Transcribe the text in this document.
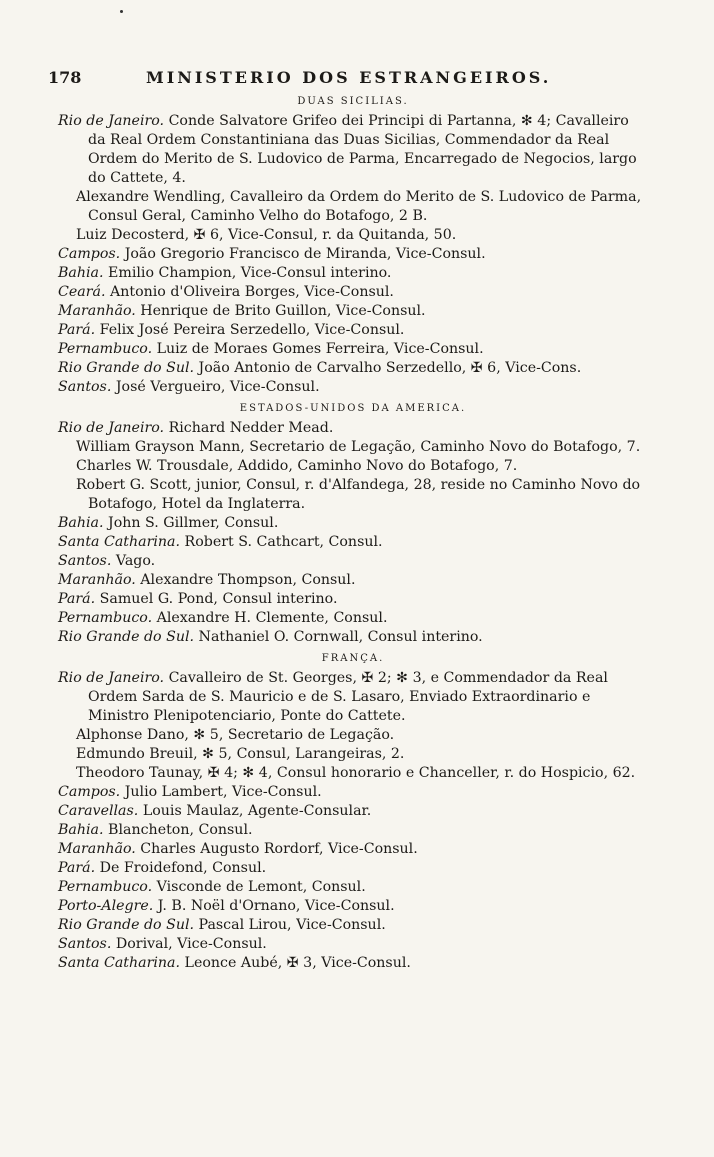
178	MINISTERIO DOS ESTRANGEIROS.
DUAS SICILIAS.

Rio de Janeiro. Conde Salvatore Grifeo dei Principi di Partanna, ✻ 4; Cavalleiro da Real Ordem Constantiniana das Duas Sicilias, Commendador da Real Ordem do Merito de S. Ludovico de Parma, Encarregado de Negocios, largo do Cattete, 4.

Alexandre Wendling, Cavalleiro da Ordem do Merito de S. Ludovico de Parma, Consul Geral, Caminho Velho do Botafogo, 2 B.

Luiz Decosterd, ✠ 6, Vice-Consul, r. da Quitanda, 50.

Campos. João Gregorio Francisco de Miranda, Vice-Consul.

Bahia. Emilio Champion, Vice-Consul interino.

Ceará. Antonio d'Oliveira Borges, Vice-Consul.

Maranhão. Henrique de Brito Guillon, Vice-Consul.

Pará. Felix José Pereira Serzedello, Vice-Consul.

Pernambuco. Luiz de Moraes Gomes Ferreira, Vice-Consul.

Rio Grande do Sul. João Antonio de Carvalho Serzedello, ✠ 6, Vice-Cons.

Santos. José Vergueiro, Vice-Consul.

ESTADOS-UNIDOS DA AMERICA.

Rio de Janeiro. Richard Nedder Mead.

William Grayson Mann, Secretario de Legação, Caminho Novo do Botafogo, 7.

Charles W. Trousdale, Addido, Caminho Novo do Botafogo, 7.

Robert G. Scott, junior, Consul, r. d'Alfandega, 28, reside no Caminho Novo do Botafogo, Hotel da Inglaterra.

Bahia. John S. Gillmer, Consul.

Santa Catharina. Robert S. Cathcart, Consul.

Santos. Vago.

Maranhão. Alexandre Thompson, Consul.

Pará. Samuel G. Pond, Consul interino.

Pernambuco. Alexandre H. Clemente, Consul.

Rio Grande do Sul. Nathaniel O. Cornwall, Consul interino.

FRANÇA.

Rio de Janeiro. Cavalleiro de St. Georges, ✠ 2; ✻ 3, e Commendador da Real Ordem Sarda de S. Mauricio e de S. Lasaro, Enviado Extraordinario e Ministro Plenipotenciario, Ponte do Cattete.

Alphonse Dano, ✻ 5, Secretario de Legação.

Edmundo Breuil, ✻ 5, Consul, Larangeiras, 2.

Theodoro Taunay, ✠ 4; ✻ 4, Consul honorario e Chanceller, r. do Hospicio, 62.

Campos. Julio Lambert, Vice-Consul.

Caravellas. Louis Maulaz, Agente-Consular.

Bahia. Blancheton, Consul.

Maranhão. Charles Augusto Rordorf, Vice-Consul.

Pará. De Froidefond, Consul.

Pernambuco. Visconde de Lemont, Consul.

Porto-Alegre. J. B. Noël d'Ornano, Vice-Consul.

Rio Grande do Sul. Pascal Lirou, Vice-Consul.

Santos. Dorival, Vice-Consul.

Santa Catharina. Leonce Aubé, ✠ 3, Vice-Consul.
